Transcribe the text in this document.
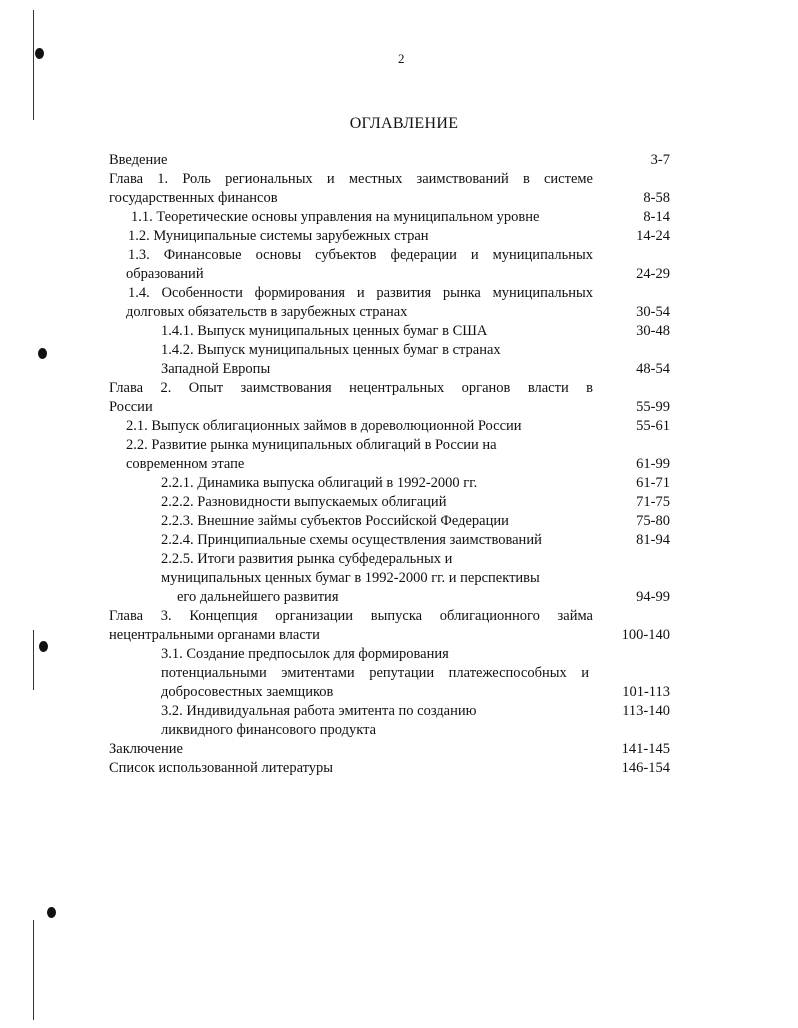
2
ОГЛАВЛЕНИЕ
Введение	3-7
Глава 1. Роль региональных и местных заимствований в системе
государственных финансов	8-58
1.1. Теоретические основы управления на муниципальном уровне	8-14
1.2. Муниципальные системы зарубежных стран	14-24
1.3. Финансовые основы субъектов федерации и муниципальных
образований	24-29
1.4. Особенности формирования и развития рынка муниципальных
долговых обязательств в зарубежных странах	30-54
1.4.1. Выпуск муниципальных ценных бумаг в США	30-48
1.4.2. Выпуск муниципальных ценных бумаг в странах
Западной Европы	48-54
Глава 2. Опыт заимствования нецентральных органов власти в
России	55-99
2.1. Выпуск облигационных займов в дореволюционной России	55-61
2.2. Развитие рынка муниципальных облигаций в России на
современном этапе	61-99
2.2.1. Динамика выпуска облигаций в 1992-2000 гг.	61-71
2.2.2. Разновидности выпускаемых облигаций	71-75
2.2.3. Внешние займы субъектов Российской Федерации	75-80
2.2.4. Принципиальные схемы осуществления заимствований	81-94
2.2.5. Итоги развития рынка субфедеральных и
муниципальных ценных бумаг в 1992-2000 гг. и перспективы
его дальнейшего развития	94-99
Глава 3. Концепция организации выпуска облигационного займа
нецентральными органами власти	100-140
3.1. Создание предпосылок для формирования
потенциальными эмитентами репутации платежеспособных и
добросовестных заемщиков	101-113
3.2. Индивидуальная работа эмитента по созданию	113-140
ликвидного финансового продукта
Заключение	141-145
Список использованной литературы	146-154
